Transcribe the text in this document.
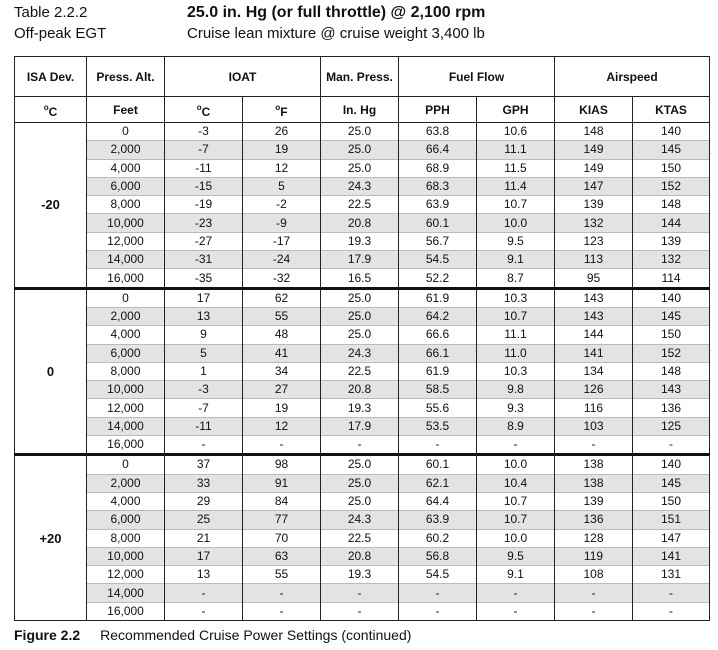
Table 2.2.2
Off-peak EGT
25.0 in. Hg (or full throttle) @ 2,100 rpm
Cruise lean mixture @ cruise weight 3,400 lb
ISA Dev.	Press. Alt.	IOAT		Man. Press.	Fuel Flow		Airspeed	
$^o$C	Feet	$^o$C	$^o$F	In. Hg	PPH	GPH	KIAS	KTAS
-20	0	-3	26	25.0	63.8	10.6	148	140
	2,000	-7	19	25.0	66.4	11.1	149	145
	4,000	-11	12	25.0	68.9	11.5	149	150
	6,000	-15	5	24.3	68.3	11.4	147	152
	8,000	-19	-2	22.5	63.9	10.7	139	148
	10,000	-23	-9	20.8	60.1	10.0	132	144
	12,000	-27	-17	19.3	56.7	9.5	123	139
	14,000	-31	-24	17.9	54.5	9.1	113	132
	16,000	-35	-32	16.5	52.2	8.7	95	114
0	0	17	62	25.0	61.9	10.3	143	140
	2,000	13	55	25.0	64.2	10.7	143	145
	4,000	9	48	25.0	66.6	11.1	144	150
	6,000	5	41	24.3	66.1	11.0	141	152
	8,000	1	34	22.5	61.9	10.3	134	148
	10,000	-3	27	20.8	58.5	9.8	126	143
	12,000	-7	19	19.3	55.6	9.3	116	136
	14,000	-11	12	17.9	53.5	8.9	103	125
	16,000	-	-	-	-	-	-	-
+20	0	37	98	25.0	60.1	10.0	138	140
	2,000	33	91	25.0	62.1	10.4	138	145
	4,000	29	84	25.0	64.4	10.7	139	150
	6,000	25	77	24.3	63.9	10.7	136	151
	8,000	21	70	22.5	60.2	10.0	128	147
	10,000	17	63	20.8	56.8	9.5	119	141
	12,000	13	55	19.3	54.5	9.1	108	131
	14,000	-	-	-	-	-	-	-
	16,000	-	-	-	-	-	-	-
Figure 2.2 Recommended Cruise Power Settings (continued)
